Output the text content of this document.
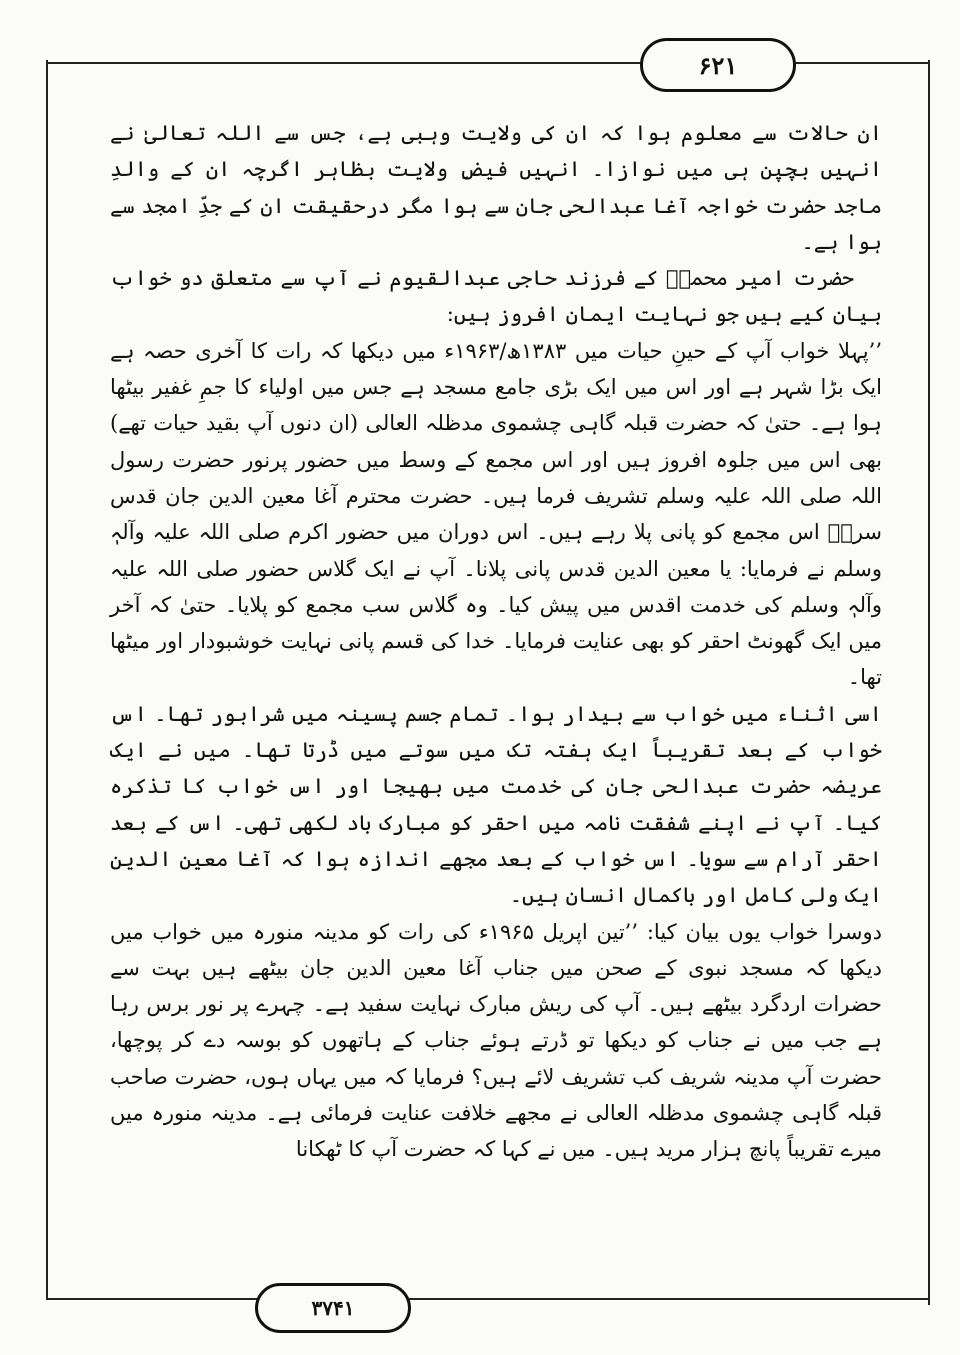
۶۲۱

ان حالات سے معلوم ہوا کہ ان کی ولایت وہبی ہے، جس سے اللہ تعالیٰ نے انہیں بچپن ہی میں نوازا۔ انہیں فیضِ ولایت بظاہر اگرچہ ان کے والدِ ماجد حضرت خواجہ آغا عبدالحی جان سے ہوا مگر درحقیقت ان کے جدِّ امجد سے ہوا ہے۔

حضرت امیر محمدؒ کے فرزند حاجی عبدالقیوم نے آپ سے متعلق دو خواب بیان کیے ہیں جو نہایت ایمان افروز ہیں:

’’پہلا خواب آپ کے حینِ حیات میں ۱۳۸۳ھ/۱۹۶۳ء میں دیکھا کہ رات کا آخری حصہ ہے ایک بڑا شہر ہے اور اس میں ایک بڑی جامع مسجد ہے جس میں اولیاء کا جمِ غفیر بیٹھا ہوا ہے۔ حتیٰ کہ حضرت قبلہ گاہی چشموی مدظلہ العالی (ان دنوں آپ بقید حیات تھے) بھی اس میں جلوہ افروز ہیں اور اس مجمع کے وسط میں حضور پرنور حضرت رسول اللہ صلی اللہ علیہ وسلم تشریف فرما ہیں۔ حضرت محترم آغا معین الدین جان قدس سرہٗ اس مجمع کو پانی پلا رہے ہیں۔ اس دوران میں حضور اکرم صلی اللہ علیہ وآلہٖ وسلم نے فرمایا: یا معین الدین قدس پانی پلانا۔ آپ نے ایک گلاس حضور صلی اللہ علیہ وآلہٖ وسلم کی خدمت اقدس میں پیش کیا۔ وہ گلاس سب مجمع کو پلایا۔ حتیٰ کہ آخر میں ایک گھونٹ احقر کو بھی عنایت فرمایا۔ خدا کی قسم پانی نہایت خوشبودار اور میٹھا تھا۔

اسی اثناء میں خواب سے بیدار ہوا۔ تمام جسم پسینہ میں شرابور تھا۔ اس خواب کے بعد تقریباً ایک ہفتہ تک میں سوتے میں ڈرتا تھا۔ میں نے ایک عریضہ حضرت عبدالحی جان کی خدمت میں بھیجا اور اس خواب کا تذکرہ کیا۔ آپ نے اپنے شفقت نامہ میں احقر کو مبارک باد لکھی تھی۔ اس کے بعد احقر آرام سے سویا۔ اس خواب کے بعد مجھے اندازہ ہوا کہ آغا معین الدین ایک ولی کامل اور باکمال انسان ہیں۔

دوسرا خواب یوں بیان کیا: ’’تین اپریل ۱۹۶۵ء کی رات کو مدینہ منورہ میں خواب میں دیکھا کہ مسجد نبوی کے صحن میں جناب آغا معین الدین جان بیٹھے ہیں بہت سے حضرات اردگرد بیٹھے ہیں۔ آپ کی ریش مبارک نہایت سفید ہے۔ چہرے پر نور برس رہا ہے جب میں نے جناب کو دیکھا تو ڈرتے ہوئے جناب کے ہاتھوں کو بوسہ دے کر پوچھا، حضرت آپ مدینہ شریف کب تشریف لائے ہیں؟ فرمایا کہ میں یہاں ہوں، حضرت صاحب قبلہ گاہی چشموی مدظلہ العالی نے مجھے خلافت عنایت فرمائی ہے۔ مدینہ منورہ میں میرے تقریباً پانچ ہزار مرید ہیں۔ میں نے کہا کہ حضرت آپ کا ٹھکانا

۳۷۴۱
